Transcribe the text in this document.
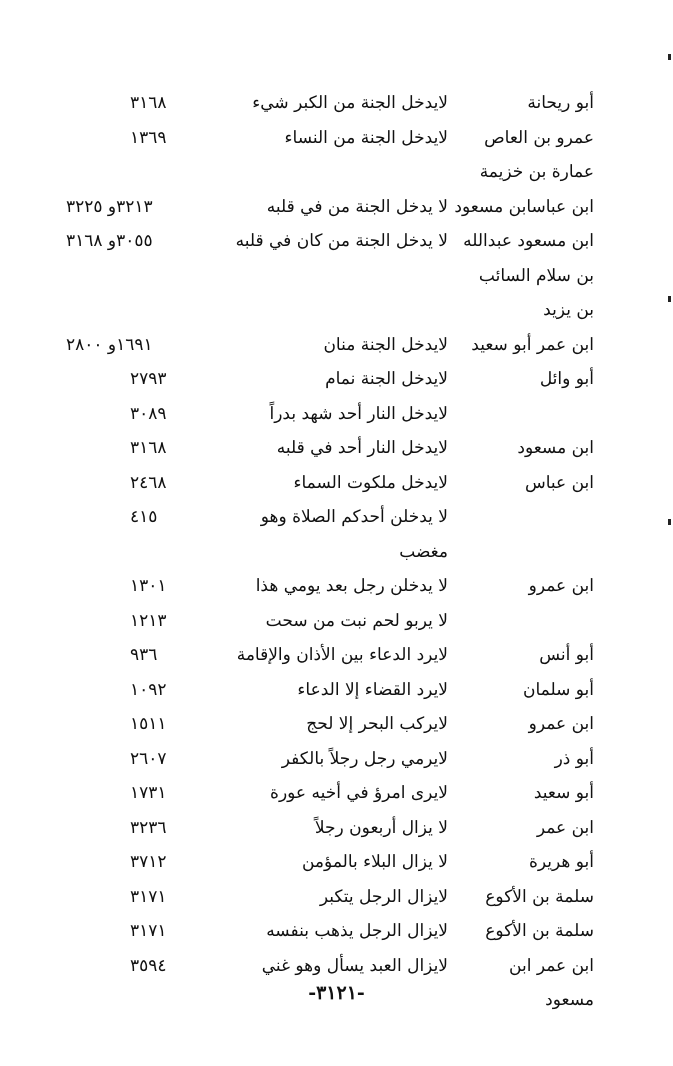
أبو ريحانة
لايدخل الجنة من الكبر شيء
٣١٦٨
عمرو بن العاص
لايدخل الجنة من النساء
١٣٦٩
عمارة بن خزيمة
ابن عباسابن مسعود
لا يدخل الجنة من في قلبه
٣٢١٣و ٣٢٢٥
ابن مسعود عبدالله
لا يدخل الجنة من كان في قلبه
٣٠٥٥و ٣١٦٨
بن سلام السائب
بن يزيد
ابن عمر أبو سعيد
لايدخل الجنة منان
١٦٩١و ٢٨٠٠
أبو وائل
لايدخل الجنة نمام
٢٧٩٣
لايدخل النار أحد شهد بدراً
٣٠٨٩
ابن مسعود
لايدخل النار أحد في قلبه
٣١٦٨
ابن عباس
لايدخل ملكوت السماء
٢٤٦٨
لا يدخلن أحدكم الصلاة وهو
٤١٥
مغضب
ابن عمرو
لا يدخلن رجل بعد يومي هذا
١٣٠١
لا يربو لحم نبت من سحت
١٢١٣
أبو أنس
لايرد الدعاء بين الأذان والإقامة
٩٣٦
أبو سلمان
لايرد القضاء إلا الدعاء
١٠٩٢
ابن عمرو
لايركب البحر إلا لحج
١٥١١
أبو ذر
لايرمي رجل رجلاً بالكفر
٢٦٠٧
أبو سعيد
لايرى امرؤ في أخيه عورة
١٧٣١
ابن عمر
لا يزال أربعون رجلاً
٣٢٣٦
أبو هريرة
لا يزال البلاء بالمؤمن
٣٧١٢
سلمة بن الأكوع
لايزال الرجل يتكبر
٣١٧١
سلمة بن الأكوع
لايزال الرجل يذهب بنفسه
٣١٧١
ابن عمر ابن
لايزال العبد يسأل وهو غني
٣٥٩٤
مسعود
-٣١٢١-
